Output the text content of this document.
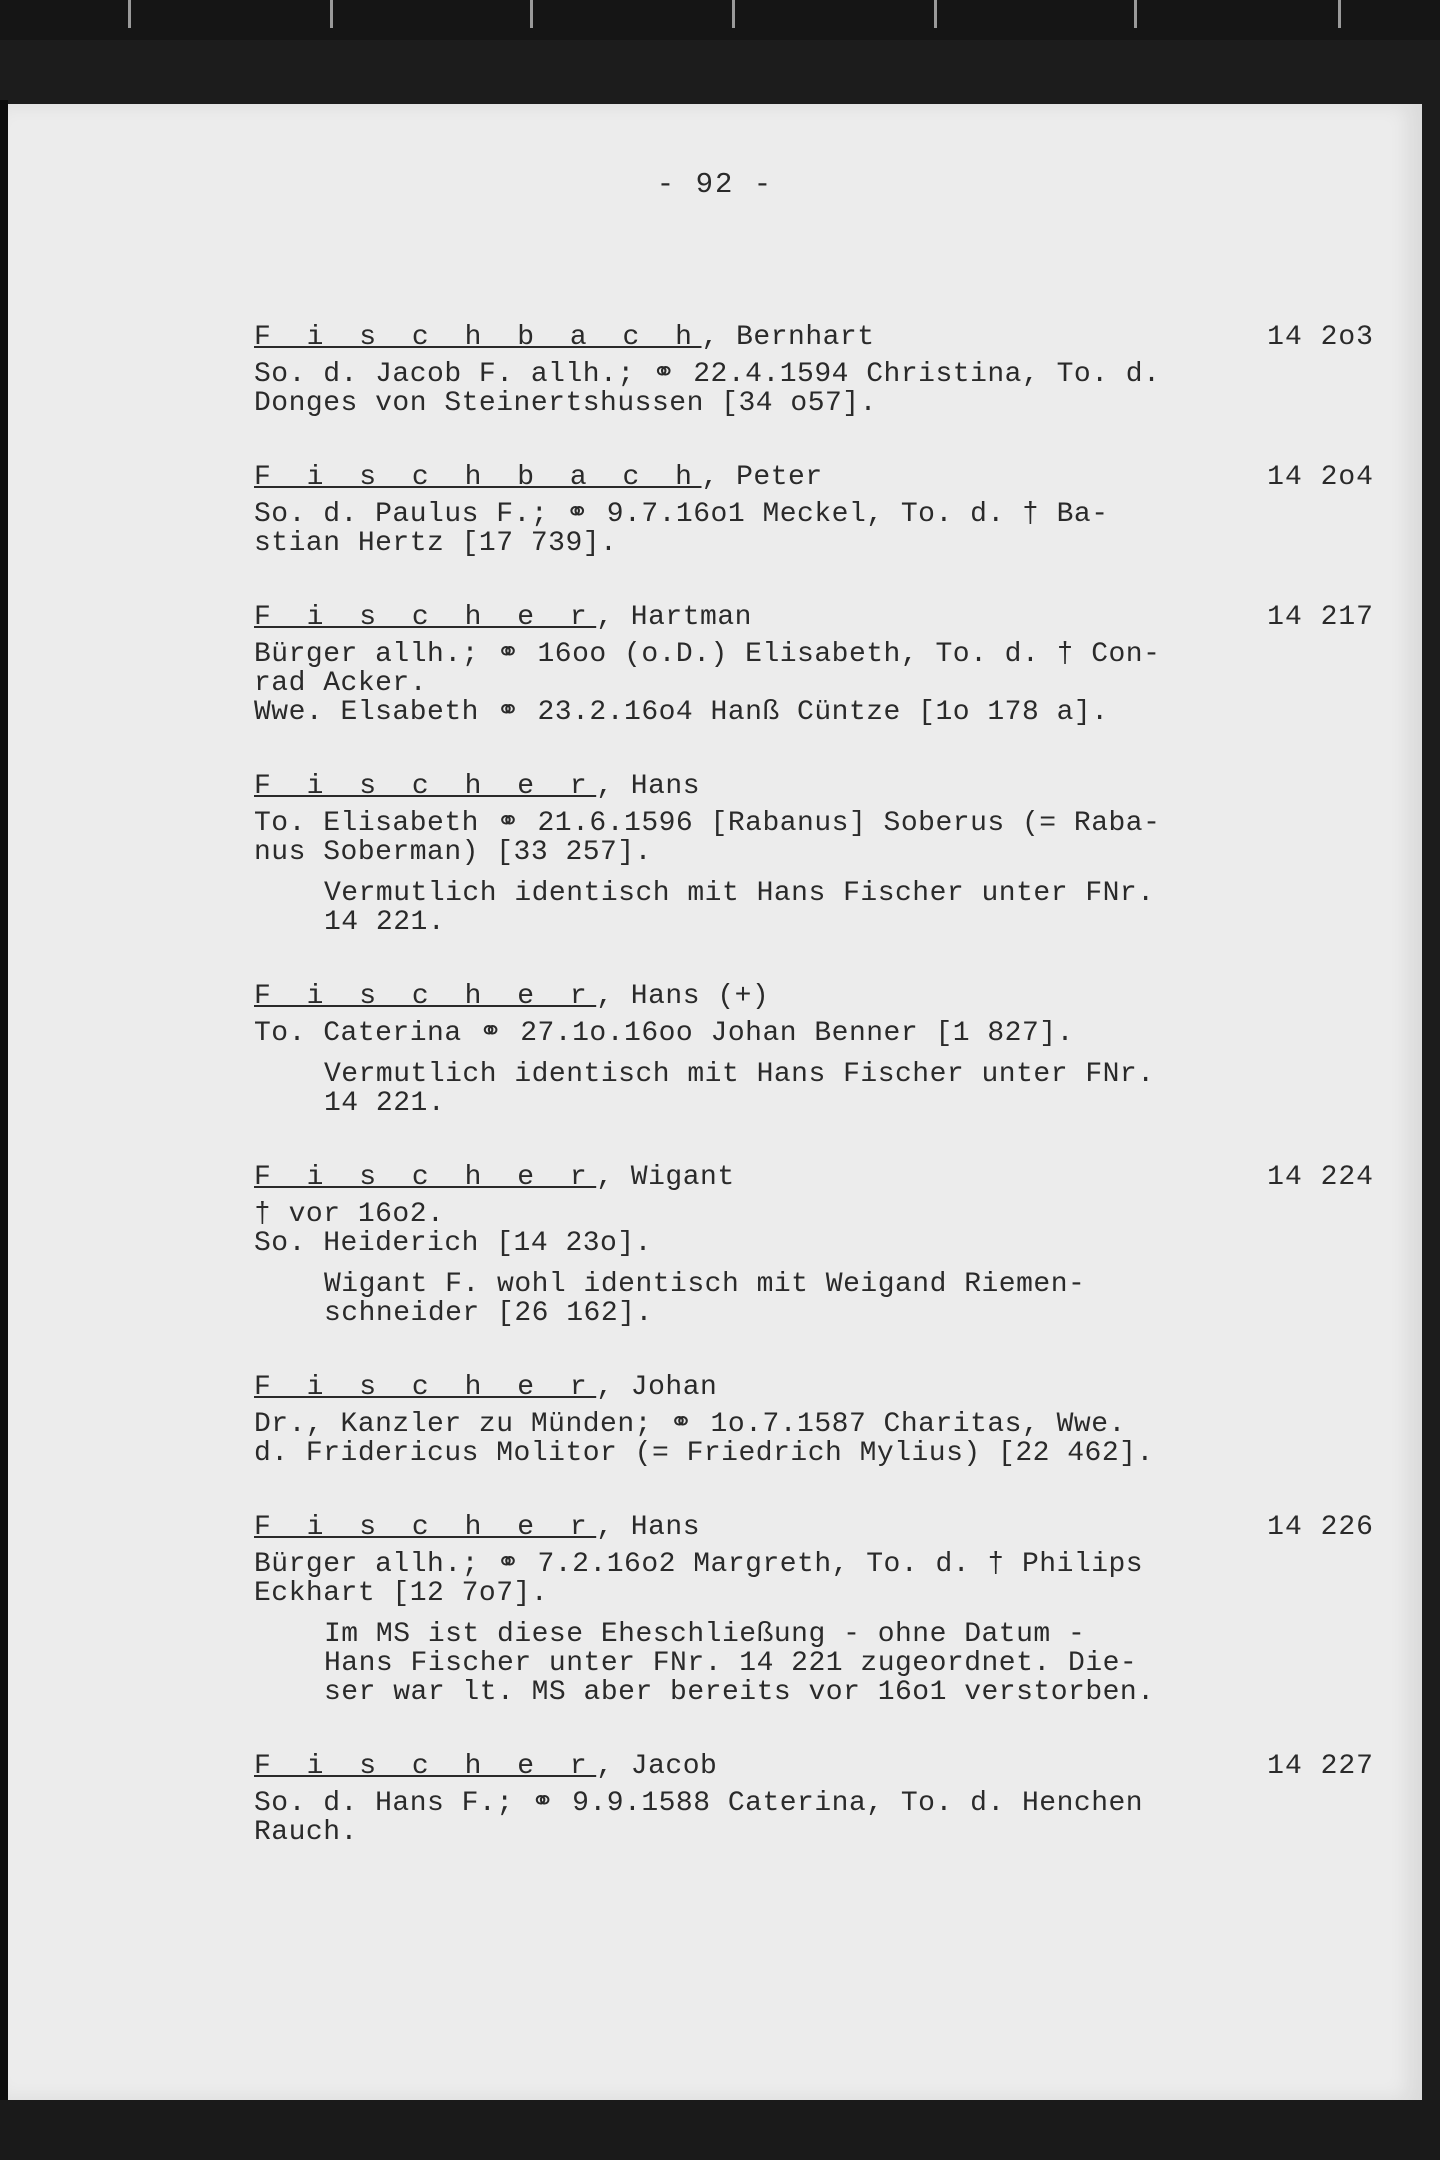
- 92 -
F i s c h b a c h, Bernhart	14 2o3
So. d. Jacob F. allh.; ⚭ 22.4.1594 Christina, To. d.
Donges von Steinertshussen [34 o57].
F i s c h b a c h, Peter	14 2o4
So. d. Paulus F.; ⚭ 9.7.16o1 Meckel, To. d. † Ba-
stian Hertz [17 739].
F i s c h e r, Hartman	14 217
Bürger allh.; ⚭ 16oo (o.D.) Elisabeth, To. d. † Con-
rad Acker.
Wwe. Elsabeth ⚭ 23.2.16o4 Hanß Cüntze [1o 178 a].
F i s c h e r, Hans
To. Elisabeth ⚭ 21.6.1596 [Rabanus] Soberus (= Raba-
nus Soberman) [33 257].
Vermutlich identisch mit Hans Fischer unter FNr.
14 221.
F i s c h e r, Hans (+)
To. Caterina ⚭ 27.1o.16oo Johan Benner [1 827].
Vermutlich identisch mit Hans Fischer unter FNr.
14 221.
F i s c h e r, Wigant	14 224
† vor 16o2.
So. Heiderich [14 23o].
Wigant F. wohl identisch mit Weigand Riemen-
schneider [26 162].
F i s c h e r, Johan
Dr., Kanzler zu Münden; ⚭ 1o.7.1587 Charitas, Wwe.
d. Fridericus Molitor (= Friedrich Mylius) [22 462].
F i s c h e r, Hans	14 226
Bürger allh.; ⚭ 7.2.16o2 Margreth, To. d. † Philips
Eckhart [12 7o7].
Im MS ist diese Eheschließung - ohne Datum -
Hans Fischer unter FNr. 14 221 zugeordnet. Die-
ser war lt. MS aber bereits vor 16o1 verstorben.
F i s c h e r, Jacob	14 227
So. d. Hans F.; ⚭ 9.9.1588 Caterina, To. d. Henchen
Rauch.
